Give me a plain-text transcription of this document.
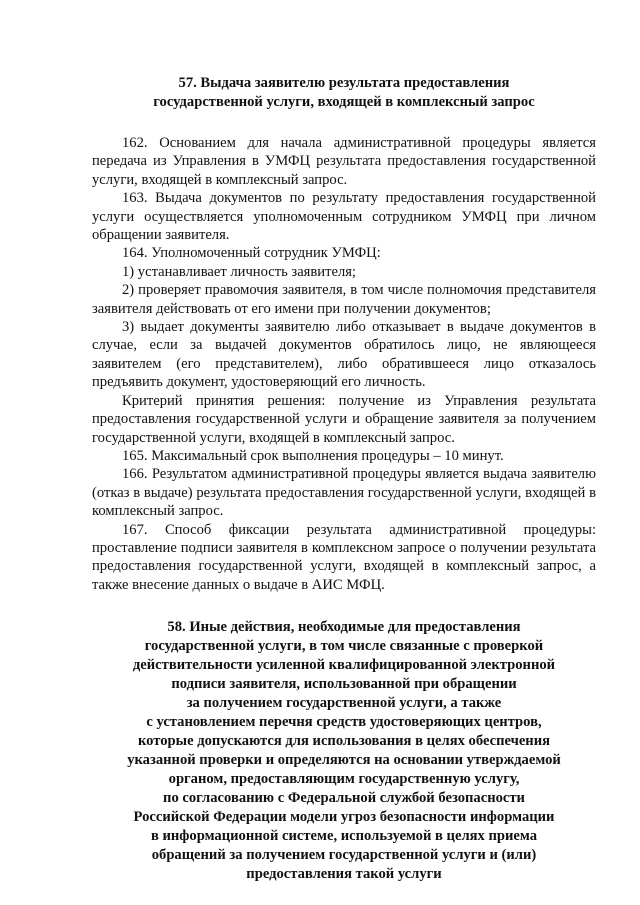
57. Выдача заявителю результата предоставления
государственной услуги, входящей в комплексный запрос

162. Основанием для начала административной процедуры является передача из Управления в УМФЦ результата предоставления государственной услуги, входящей в комплексный запрос.

163. Выдача документов по результату предоставления государственной услуги осуществляется уполномоченным сотрудником УМФЦ при личном обращении заявителя.

164. Уполномоченный сотрудник УМФЦ:

1) устанавливает личность заявителя;

2) проверяет правомочия заявителя, в том числе полномочия представителя заявителя действовать от его имени при получении документов;

3) выдает документы заявителю либо отказывает в выдаче документов в случае, если за выдачей документов обратилось лицо, не являющееся заявителем (его представителем), либо обратившееся лицо отказалось предъявить документ, удостоверяющий его личность.

Критерий принятия решения: получение из Управления результата предоставления государственной услуги и обращение заявителя за получением государственной услуги, входящей в комплексный запрос.

165. Максимальный срок выполнения процедуры – 10 минут.

166. Результатом административной процедуры является выдача заявителю (отказ в выдаче) результата предоставления государственной услуги, входящей в комплексный запрос.

167. Способ фиксации результата административной процедуры: проставление подписи заявителя в комплексном запросе о получении результата предоставления государственной услуги, входящей в комплексный запрос, а также внесение данных о выдаче в АИС МФЦ.

58. Иные действия, необходимые для предоставления
государственной услуги, в том числе связанные с проверкой
действительности усиленной квалифицированной электронной
подписи заявителя, использованной при обращении
за получением государственной услуги, а также
с установлением перечня средств удостоверяющих центров,
которые допускаются для использования в целях обеспечения
указанной проверки и определяются на основании утверждаемой
органом, предоставляющим государственную услугу,
по согласованию с Федеральной службой безопасности
Российской Федерации модели угроз безопасности информации
в информационной системе, используемой в целях приема
обращений за получением государственной услуги и (или)
предоставления такой услуги
